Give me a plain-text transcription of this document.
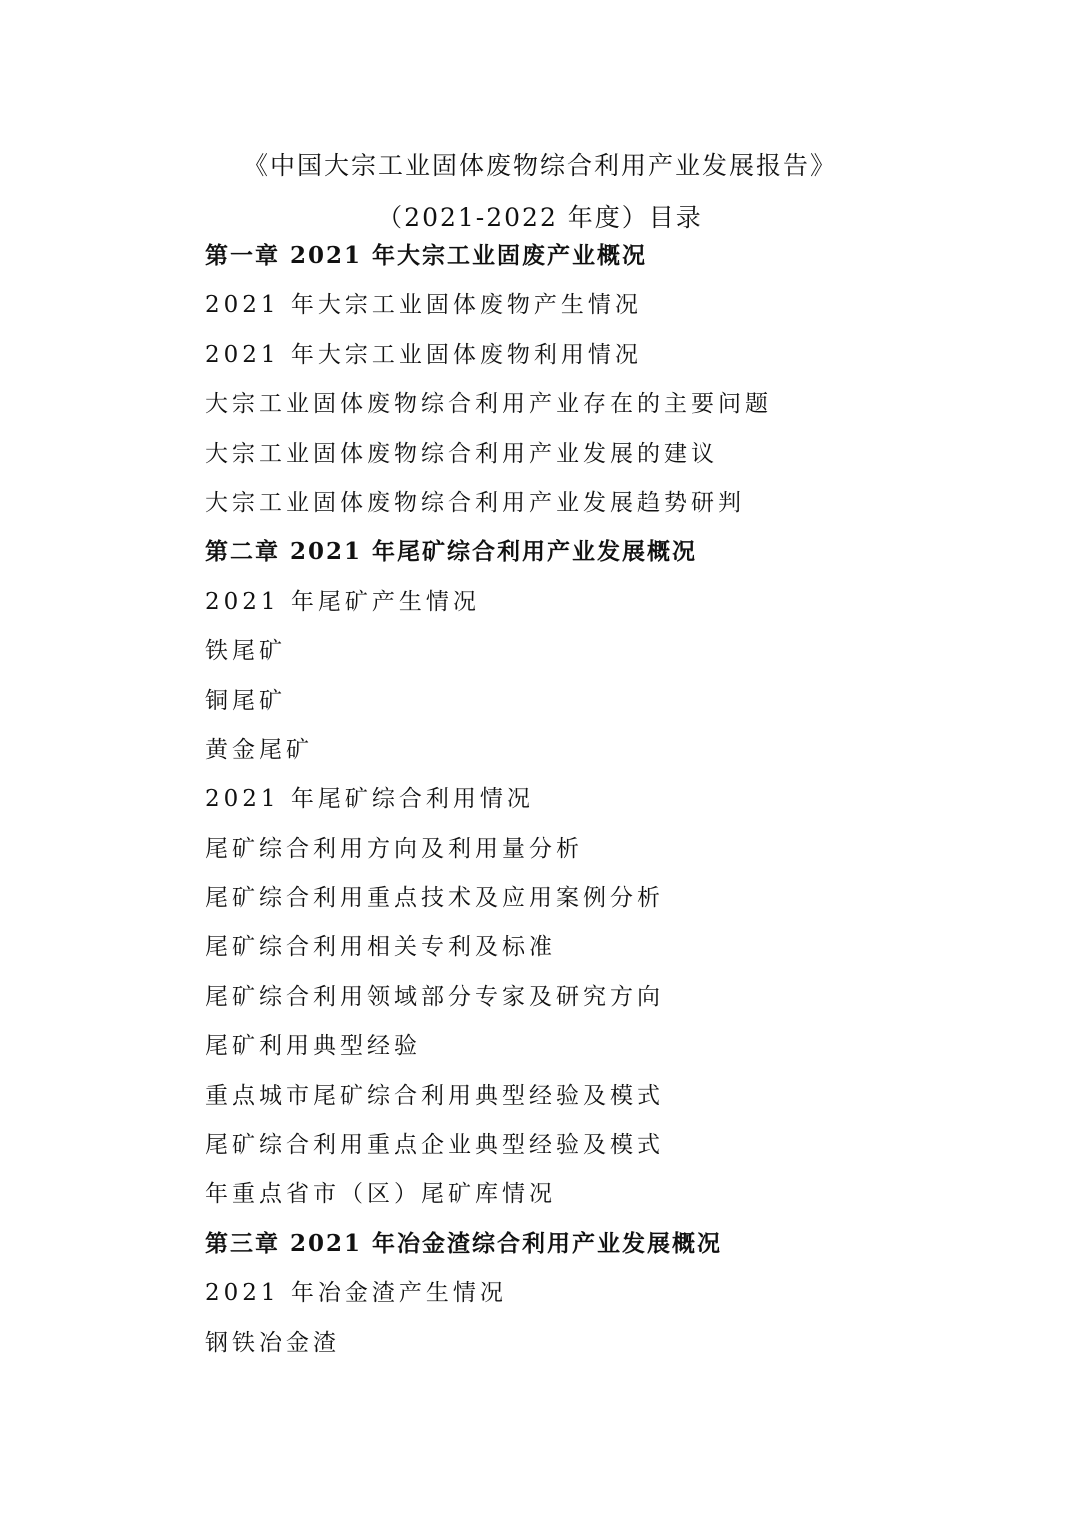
《中国大宗工业固体废物综合利用产业发展报告》
（2021-2022 年度）目录
第一章 2021 年大宗工业固废产业概况
2021 年大宗工业固体废物产生情况
2021 年大宗工业固体废物利用情况
大宗工业固体废物综合利用产业存在的主要问题
大宗工业固体废物综合利用产业发展的建议
大宗工业固体废物综合利用产业发展趋势研判
第二章 2021 年尾矿综合利用产业发展概况
2021 年尾矿产生情况
铁尾矿
铜尾矿
黄金尾矿
2021 年尾矿综合利用情况
尾矿综合利用方向及利用量分析
尾矿综合利用重点技术及应用案例分析
尾矿综合利用相关专利及标准
尾矿综合利用领域部分专家及研究方向
尾矿利用典型经验
重点城市尾矿综合利用典型经验及模式
尾矿综合利用重点企业典型经验及模式
年重点省市（区）尾矿库情况
第三章 2021 年冶金渣综合利用产业发展概况
2021 年冶金渣产生情况
钢铁冶金渣
